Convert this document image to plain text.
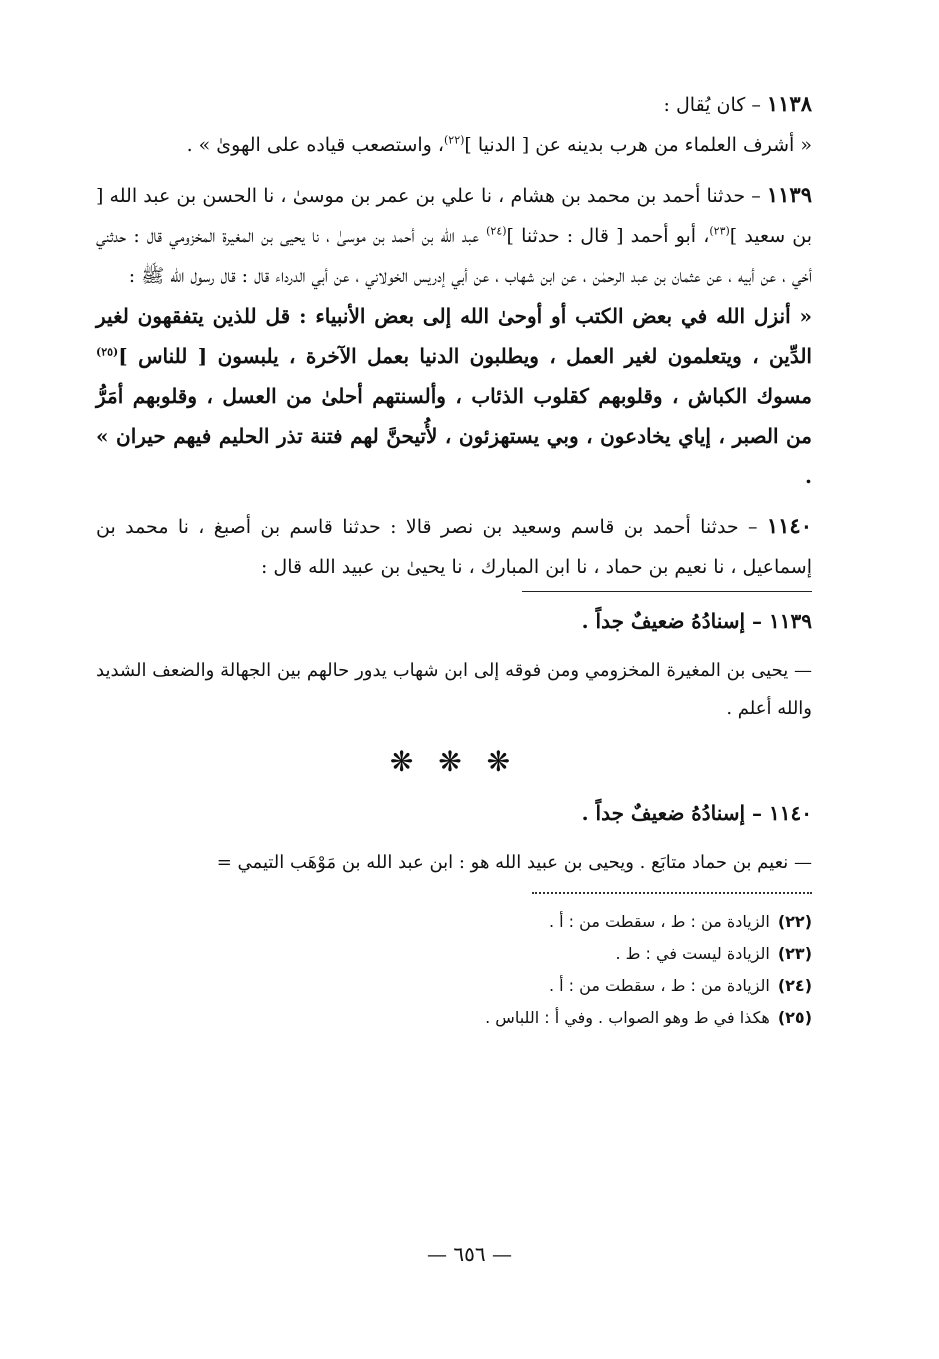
١١٣٨ – كان يُقال :

« أشرف العلماء من هرب بدينه عن [ الدنيا ]$^{(٢٢)}$، واستصعب قياده على الهوىٰ » .

١١٣٩ – حدثنا أحمد بن محمد بن هشام ، نا علي بن عمر بن موسىٰ ، نا الحسن بن عبد الله [ بن سعيد ]$^{(٢٣)}$، أبو أحمد [ قال : حدثنا ]$^{(٢٤)}$ عبد الله بن أحمد بن موسىٰ ، نا يحيى بن المغيرة المخزومي قال : حدثني أخي ، عن أبيه ، عن عثمان بن عبد الرحمٰن ، عن ابن شهاب ، عن أبي إدريس الخولاني ، عن أبي الدرداء قال : قال رسول الله ﷺ :

« أنزل الله في بعض الكتب أو أوحىٰ الله إلى بعض الأنبياء : قل للذين يتفقهون لغير الدِّين ، ويتعلمون لغير العمل ، ويطلبون الدنيا بعمل الآخرة ، يلبسون [ للناس ]$^{(٢٥)}$ مسوك الكباش ، وقلوبهم كقلوب الذئاب ، وألسنتهم أحلىٰ من العسل ، وقلوبهم أمَرُّ من الصبر ، إياي يخادعون ، وبي يستهزئون ، لأُتيحنَّ لهم فتنة تذر الحليم فيهم حيران » .

١١٤٠ – حدثنا أحمد بن قاسم وسعيد بن نصر قالا : حدثنا قاسم بن أصبغ ، نا محمد بن إسماعيل ، نا نعيم بن حماد ، نا ابن المبارك ، نا يحيىٰ بن عبيد الله قال :

١١٣٩ – إسنادُهُ ضعيفٌ جداً .

— يحيى بن المغيرة المخزومي ومن فوقه إلى ابن شهاب يدور حالهم بين الجهالة والضعف الشديد والله أعلم .

❋ ❋ ❋

١١٤٠ – إسنادُهُ ضعيفٌ جداً .

— نعيم بن حماد متابَع . ويحيى بن عبيد الله هو : ابن عبد الله بن مَوْهَب التيمي =

(٢٢)الزيادة من : ط ، سقطت من : أ .

(٢٣)الزيادة ليست في : ط .

(٢٤)الزيادة من : ط ، سقطت من : أ .

(٢٥)هكذا في ط وهو الصواب . وفي أ : اللباس .

— ٦٥٦ —
